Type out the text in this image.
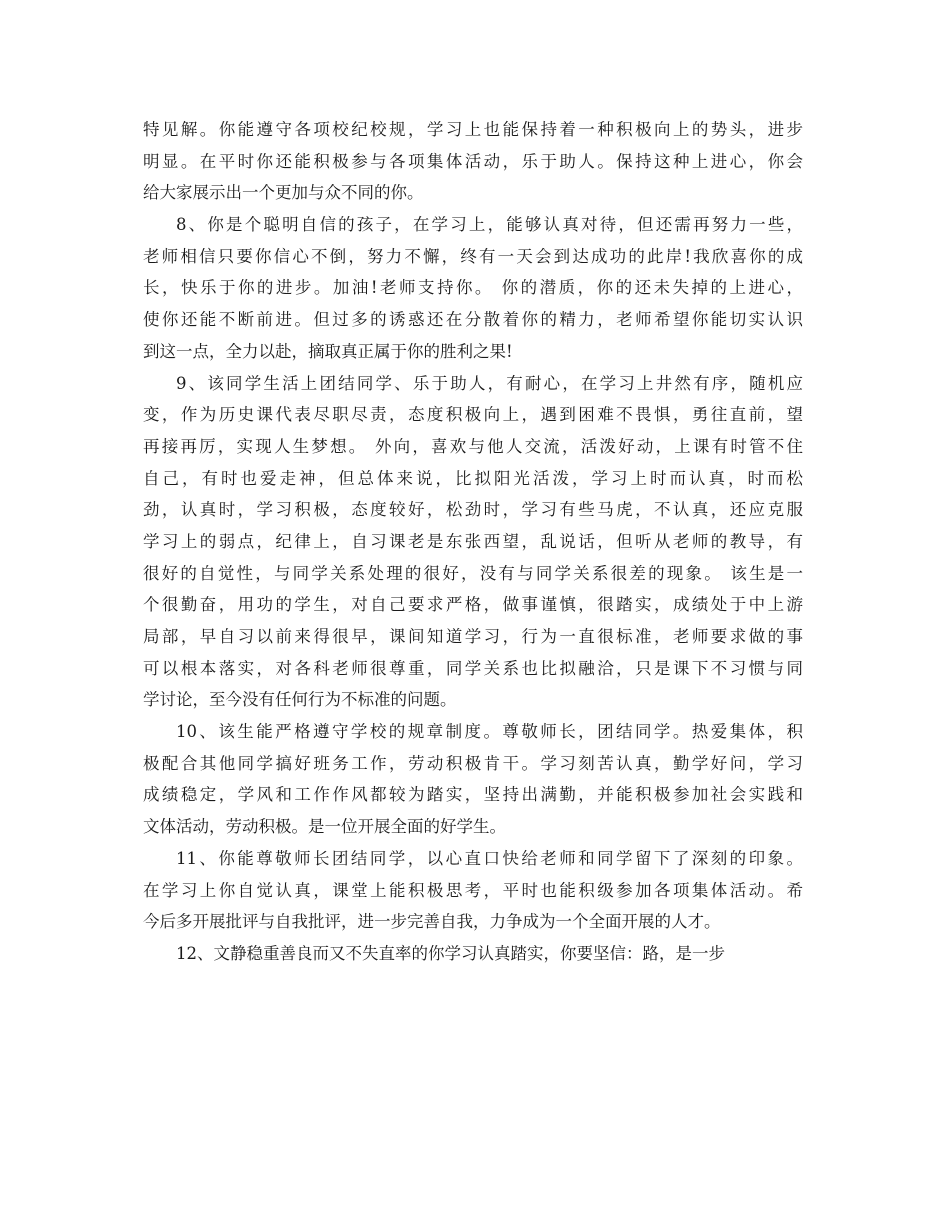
特见解。你能遵守各项校纪校规，学习上也能保持着一种积极向上的势头，进步
明显。在平时你还能积极参与各项集体活动，乐于助人。保持这种上进心，你会
给大家展示出一个更加与众不同的你。
8、你是个聪明自信的孩子，在学习上，能够认真对待，但还需再努力一些，
老师相信只要你信心不倒，努力不懈，终有一天会到达成功的此岸!我欣喜你的成
长，快乐于你的进步。加油!老师支持你。 你的潜质，你的还未失掉的上进心，
使你还能不断前进。但过多的诱惑还在分散着你的精力，老师希望你能切实认识
到这一点，全力以赴，摘取真正属于你的胜利之果!
9、该同学生活上团结同学、乐于助人，有耐心，在学习上井然有序，随机应
变，作为历史课代表尽职尽责，态度积极向上，遇到困难不畏惧，勇往直前，望
再接再厉，实现人生梦想。 外向，喜欢与他人交流，活泼好动，上课有时管不住
自己，有时也爱走神，但总体来说，比拟阳光活泼，学习上时而认真，时而松
劲，认真时，学习积极，态度较好，松劲时，学习有些马虎，不认真，还应克服
学习上的弱点，纪律上，自习课老是东张西望，乱说话，但听从老师的教导，有
很好的自觉性，与同学关系处理的很好，没有与同学关系很差的现象。 该生是一
个很勤奋，用功的学生，对自己要求严格，做事谨慎，很踏实，成绩处于中上游
局部，早自习以前来得很早，课间知道学习，行为一直很标准，老师要求做的事
可以根本落实，对各科老师很尊重，同学关系也比拟融洽，只是课下不习惯与同
学讨论，至今没有任何行为不标准的问题。
10、该生能严格遵守学校的规章制度。尊敬师长，团结同学。热爱集体，积
极配合其他同学搞好班务工作，劳动积极肯干。学习刻苦认真，勤学好问，学习
成绩稳定，学风和工作作风都较为踏实，坚持出满勤，并能积极参加社会实践和
文体活动，劳动积极。是一位开展全面的好学生。
11、你能尊敬师长团结同学，以心直口快给老师和同学留下了深刻的印象。
在学习上你自觉认真，课堂上能积极思考，平时也能积级参加各项集体活动。希
今后多开展批评与自我批评，进一步完善自我，力争成为一个全面开展的人才。
12、文静稳重善良而又不失直率的你学习认真踏实，你要坚信：路，是一步
